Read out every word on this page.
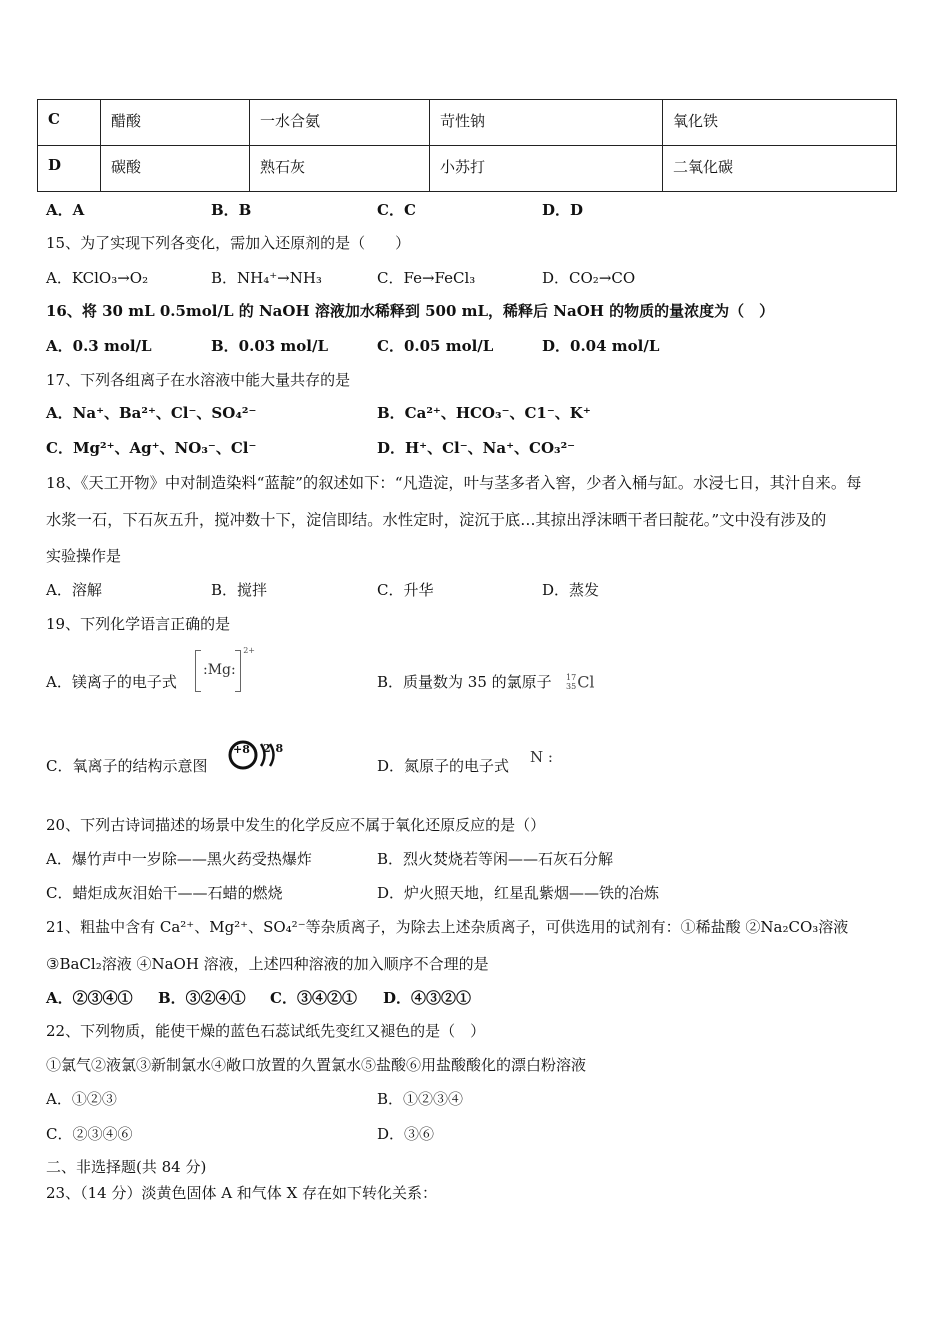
C	醋酸	一水合氨	苛性钠	氧化铁
D	碳酸	熟石灰	小苏打	二氧化碳
A．A	B．B	C．C	D．D
15、为了实现下列各变化，需加入还原剂的是（　　）
A．KClO₃→O₂	B．NH₄⁺→NH₃	C．Fe→FeCl₃	D．CO₂→CO
16、将 30 mL 0.5mol/L 的 NaOH 溶液加水稀释到 500 mL，稀释后 NaOH 的物质的量浓度为（　）
A．0.3 mol/L	B．0.03 mol/L	C．0.05 mol/L	D．0.04 mol/L
17、下列各组离子在水溶液中能大量共存的是
A．Na⁺、Ba²⁺、Cl⁻、SO₄²⁻	B．Ca²⁺、HCO₃⁻、C1⁻、K⁺
C．Mg²⁺、Ag⁺、NO₃⁻、Cl⁻	D．H⁺、Cl⁻、Na⁺、CO₃²⁻
18、《天工开物》中对制造染料“蓝靛”的叙述如下：“凡造淀，叶与茎多者入窖，少者入桶与缸。水浸七日，其汁自来。每
水浆一石，下石灰五升，搅冲数十下，淀信即结。水性定时，淀沉于底…其掠出浮沫晒干者曰靛花。”文中没有涉及的
实验操作是
A．溶解	B．搅拌	C．升华	D．蒸发
19、下列化学语言正确的是
A．镁离子的电子式
:Mg:
2+
B．质量数为 35 的氯原子 17
35Cl
C．氧离子的结构示意图
+8 2 8
D．氮原子的电子式 N :
20、下列古诗词描述的场景中发生的化学反应不属于氧化还原反应的是（）
A．爆竹声中一岁除——黑火药受热爆炸	B．烈火焚烧若等闲——石灰石分解
C．蜡炬成灰泪始干——石蜡的燃烧	D．炉火照天地，红星乱紫烟——铁的冶炼
21、粗盐中含有 Ca²⁺、Mg²⁺、SO₄²⁻等杂质离子，为除去上述杂质离子，可供选用的试剂有：①稀盐酸 ②Na₂CO₃溶液
③BaCl₂溶液 ④NaOH 溶液，上述四种溶液的加入顺序不合理的是
A．②③④① B．③②④① C．③④②① D．④③②①
22、下列物质，能使干燥的蓝色石蕊试纸先变红又褪色的是（　）
①氯气②液氯③新制氯水④敞口放置的久置氯水⑤盐酸⑥用盐酸酸化的漂白粉溶液
A．①②③	B．①②③④
C．②③④⑥	D．③⑥
二、非选择题(共 84 分)
23、（14 分）淡黄色固体 A 和气体 X 存在如下转化关系：
